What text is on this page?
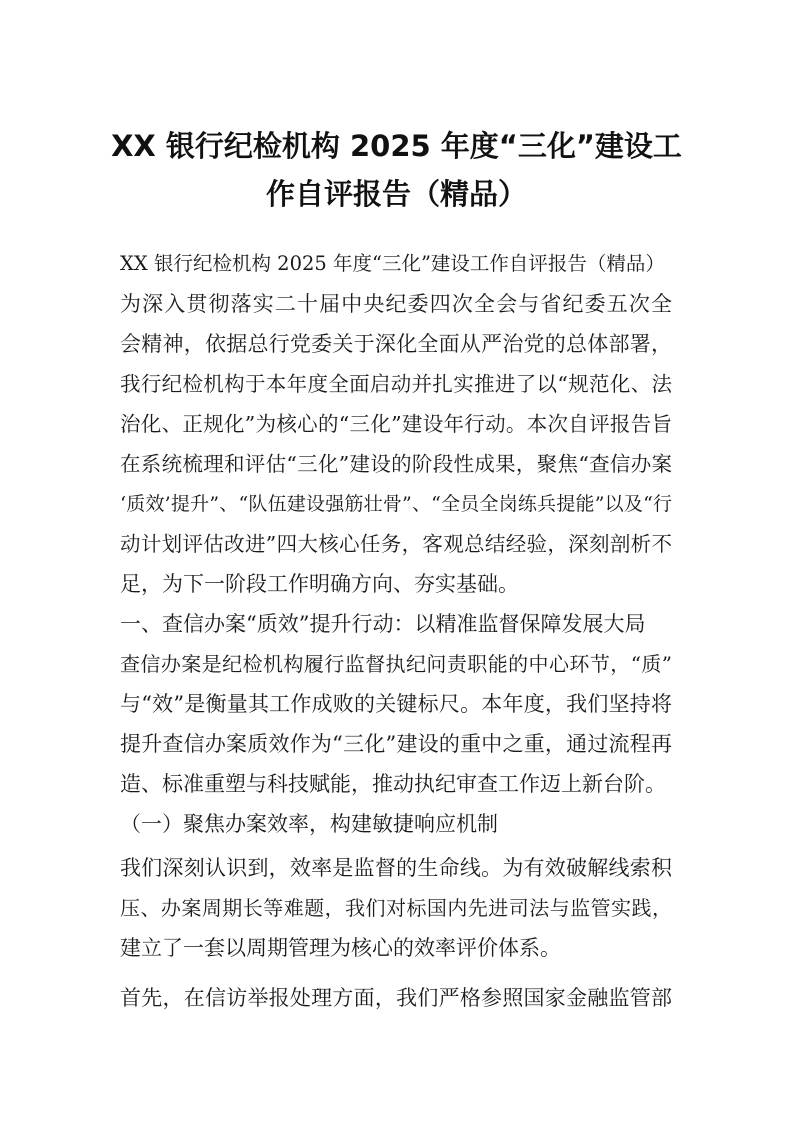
XX 银行纪检机构 2025 年度“三化”建设工
作自评报告（精品）
XX 银行纪检机构 2025 年度“三化”建设工作自评报告（精品）
为深入贯彻落实二十届中央纪委四次全会与省纪委五次全
会精神，依据总行党委关于深化全面从严治党的总体部署，
我行纪检机构于本年度全面启动并扎实推进了以“规范化、法
治化、正规化”为核心的“三化”建设年行动。本次自评报告旨
在系统梳理和评估“三化”建设的阶段性成果，聚焦“查信办案
‘质效’提升”、“队伍建设强筋壮骨”、“全员全岗练兵提能”以及“行
动计划评估改进”四大核心任务，客观总结经验，深刻剖析不
足，为下一阶段工作明确方向、夯实基础。
一、查信办案“质效”提升行动：以精准监督保障发展大局
查信办案是纪检机构履行监督执纪问责职能的中心环节，“质”
与“效”是衡量其工作成败的关键标尺。本年度，我们坚持将
提升查信办案质效作为“三化”建设的重中之重，通过流程再
造、标准重塑与科技赋能，推动执纪审查工作迈上新台阶。
（一）聚焦办案效率，构建敏捷响应机制
我们深刻认识到，效率是监督的生命线。为有效破解线索积
压、办案周期长等难题，我们对标国内先进司法与监管实践，
建立了一套以周期管理为核心的效率评价体系。
首先，在信访举报处理方面，我们严格参照国家金融监管部
